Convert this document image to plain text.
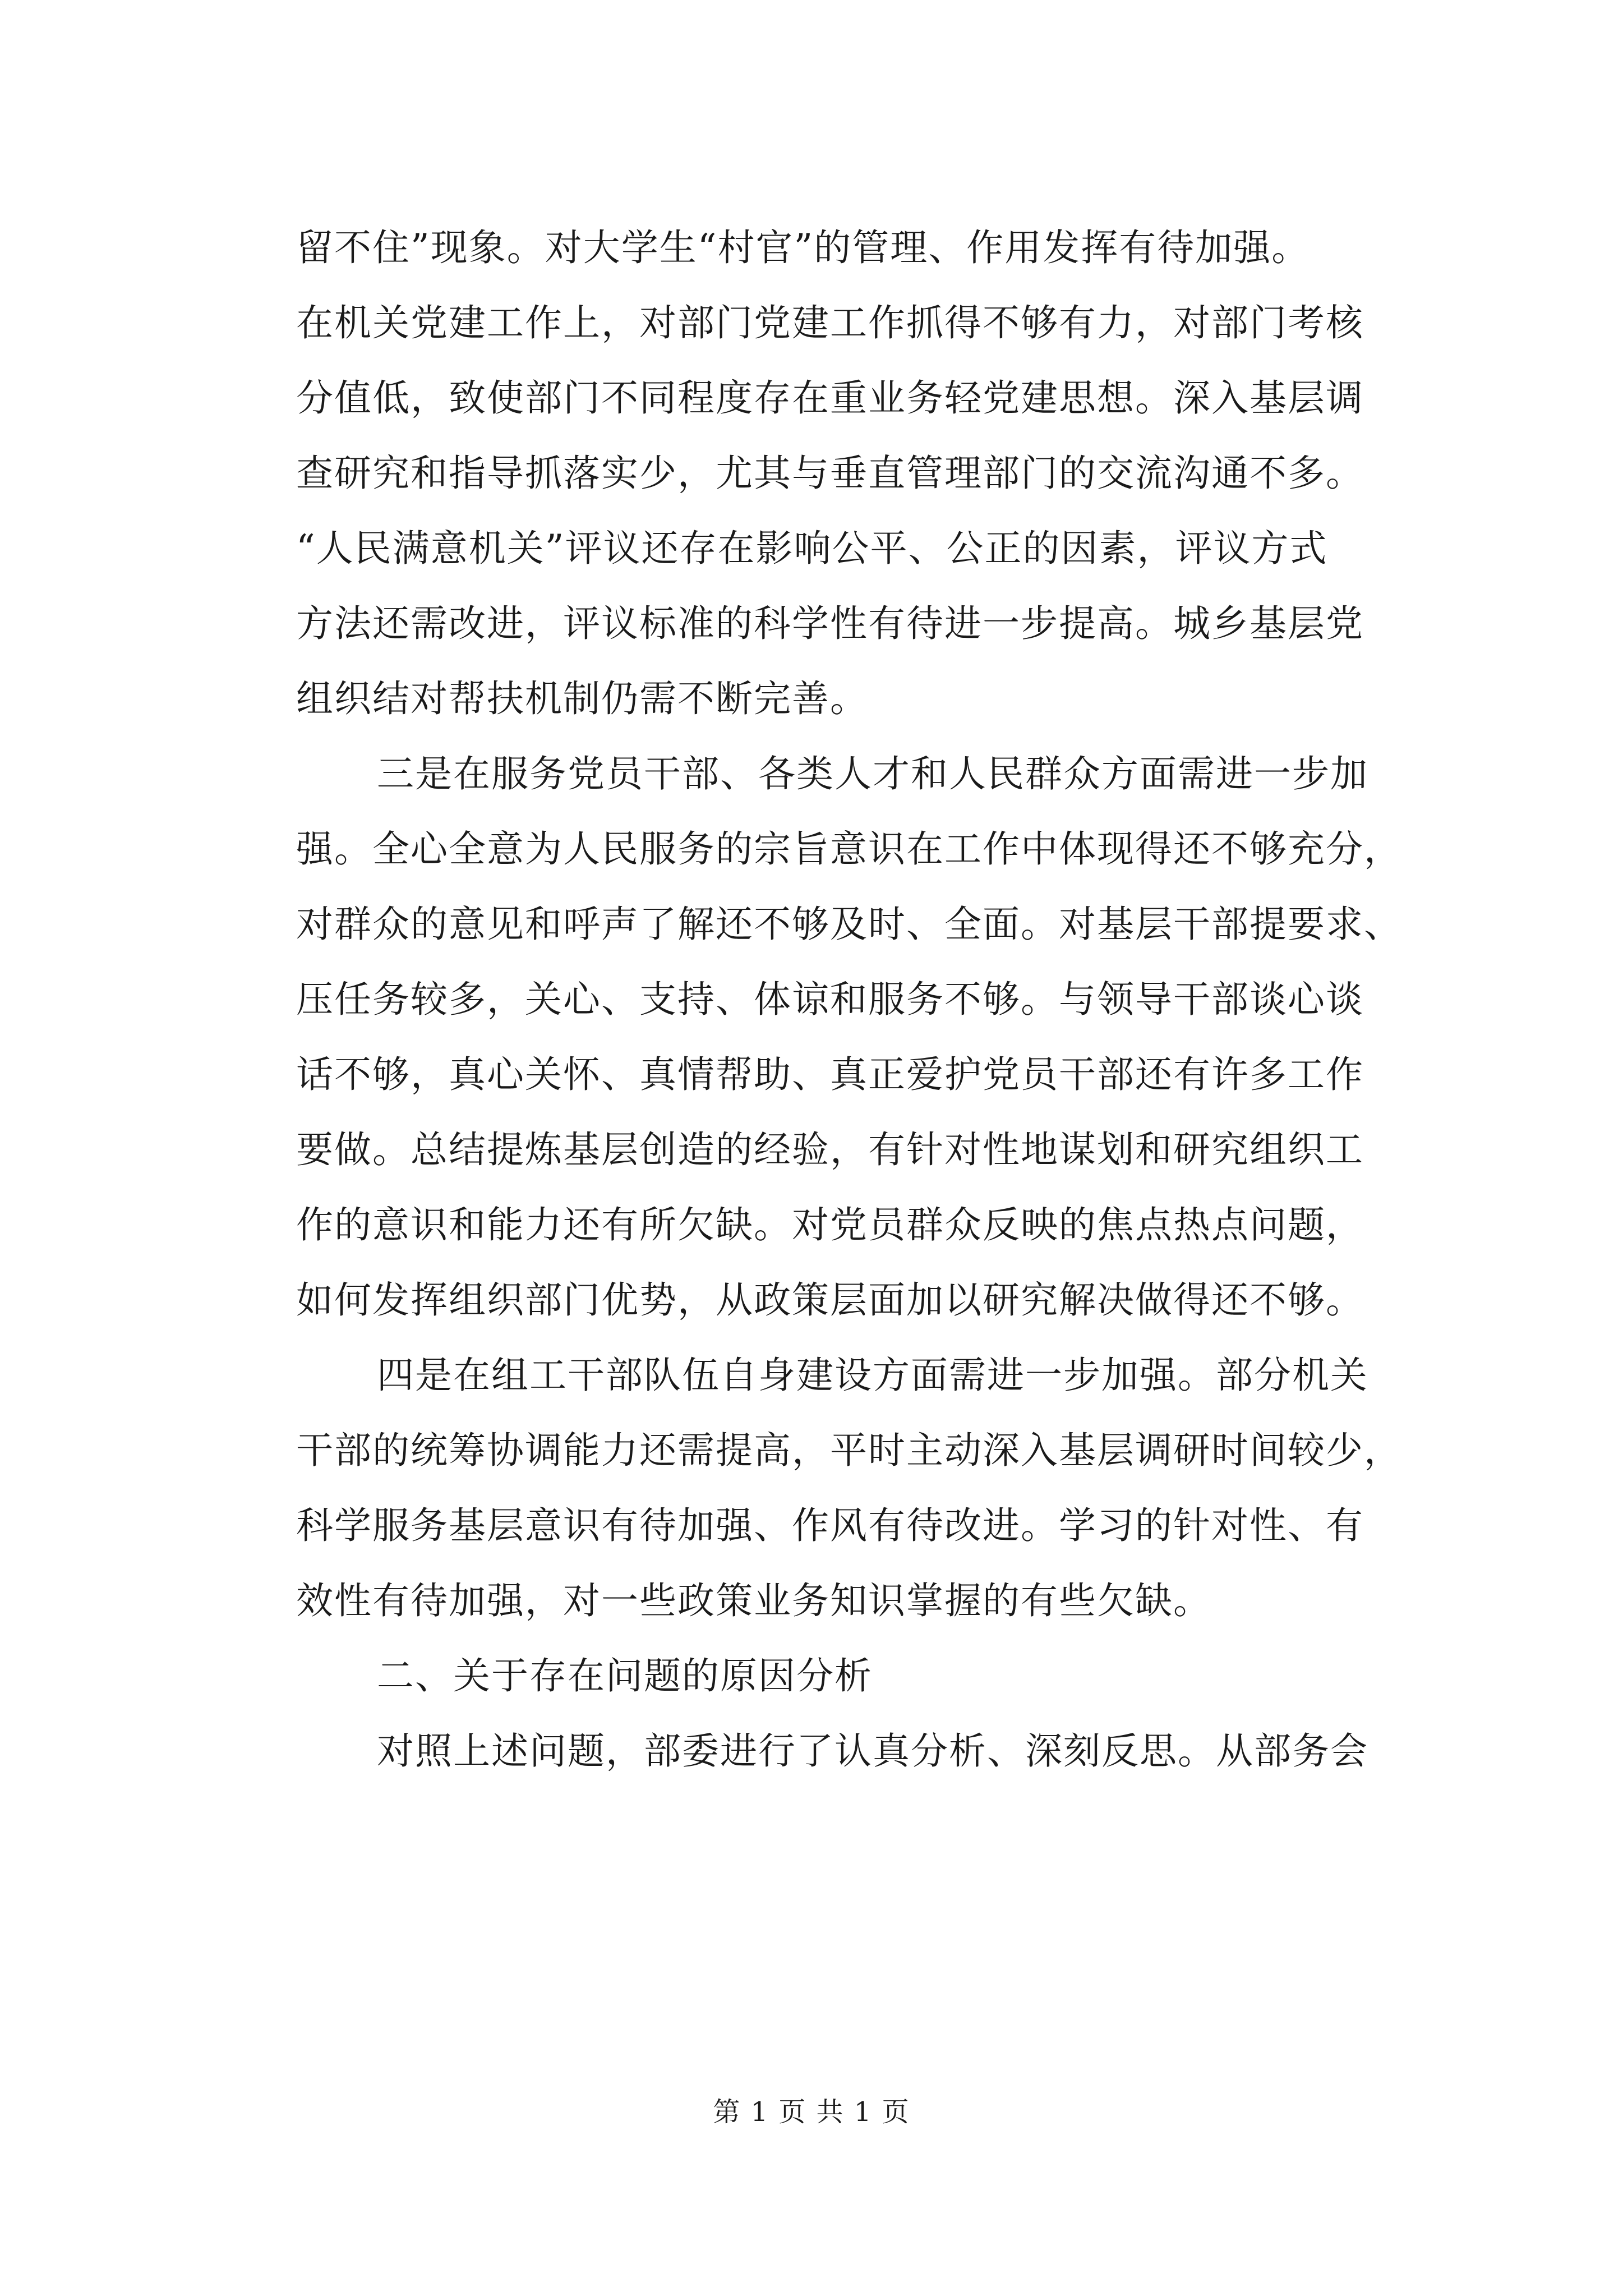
留不住”现象。对大学生“村官”的管理、作用发挥有待加强。
在机关党建工作上，对部门党建工作抓得不够有力，对部门考核
分值低，致使部门不同程度存在重业务轻党建思想。深入基层调
查研究和指导抓落实少，尤其与垂直管理部门的交流沟通不多。
“人民满意机关”评议还存在影响公平、公正的因素，评议方式
方法还需改进，评议标准的科学性有待进一步提高。城乡基层党
组织结对帮扶机制仍需不断完善。
三是在服务党员干部、各类人才和人民群众方面需进一步加
强。全心全意为人民服务的宗旨意识在工作中体现得还不够充分，
对群众的意见和呼声了解还不够及时、全面。对基层干部提要求、
压任务较多，关心、支持、体谅和服务不够。与领导干部谈心谈
话不够，真心关怀、真情帮助、真正爱护党员干部还有许多工作
要做。总结提炼基层创造的经验，有针对性地谋划和研究组织工
作的意识和能力还有所欠缺。对党员群众反映的焦点热点问题，
如何发挥组织部门优势，从政策层面加以研究解决做得还不够。
四是在组工干部队伍自身建设方面需进一步加强。部分机关
干部的统筹协调能力还需提高，平时主动深入基层调研时间较少，
科学服务基层意识有待加强、作风有待改进。学习的针对性、有
效性有待加强，对一些政策业务知识掌握的有些欠缺。
二、关于存在问题的原因分析
对照上述问题，部委进行了认真分析、深刻反思。从部务会
第 1 页 共 1 页
